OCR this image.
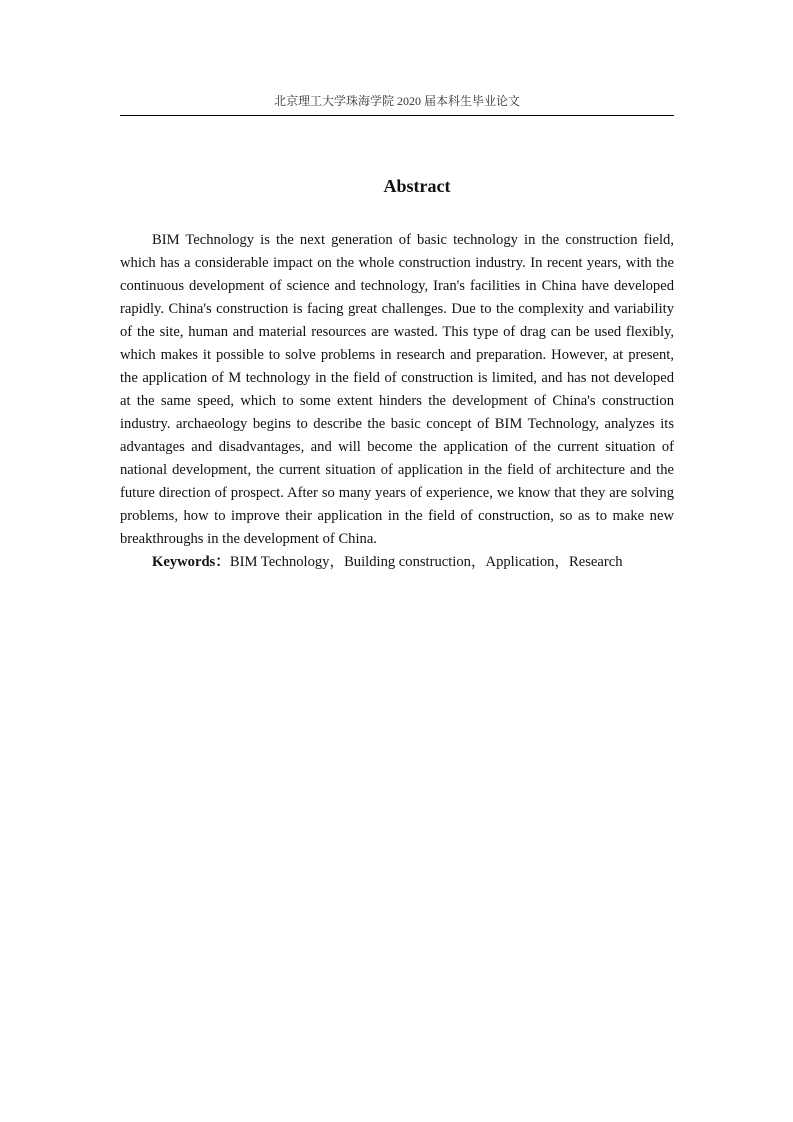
北京理工大学珠海学院 2020 届本科生毕业论文
Abstract

BIM Technology is the next generation of basic technology in the construction field, which has a considerable impact on the whole construction industry. In recent years, with the continuous development of science and technology, Iran's facilities in China have developed rapidly. China's construction is facing great challenges. Due to the complexity and variability of the site, human and material resources are wasted. This type of drag can be used flexibly, which makes it possible to solve problems in research and preparation. However, at present, the application of M technology in the field of construction is limited, and has not developed at the same speed, which to some extent hinders the development of China's construction industry. archaeology begins to describe the basic concept of BIM Technology, analyzes its advantages and disadvantages, and will become the application of the current situation of national development, the current situation of application in the field of architecture and the future direction of prospect. After so many years of experience, we know that they are solving problems, how to improve their application in the field of construction, so as to make new breakthroughs in the development of China.

Keywords：BIM Technology，Building construction，Application，Research
